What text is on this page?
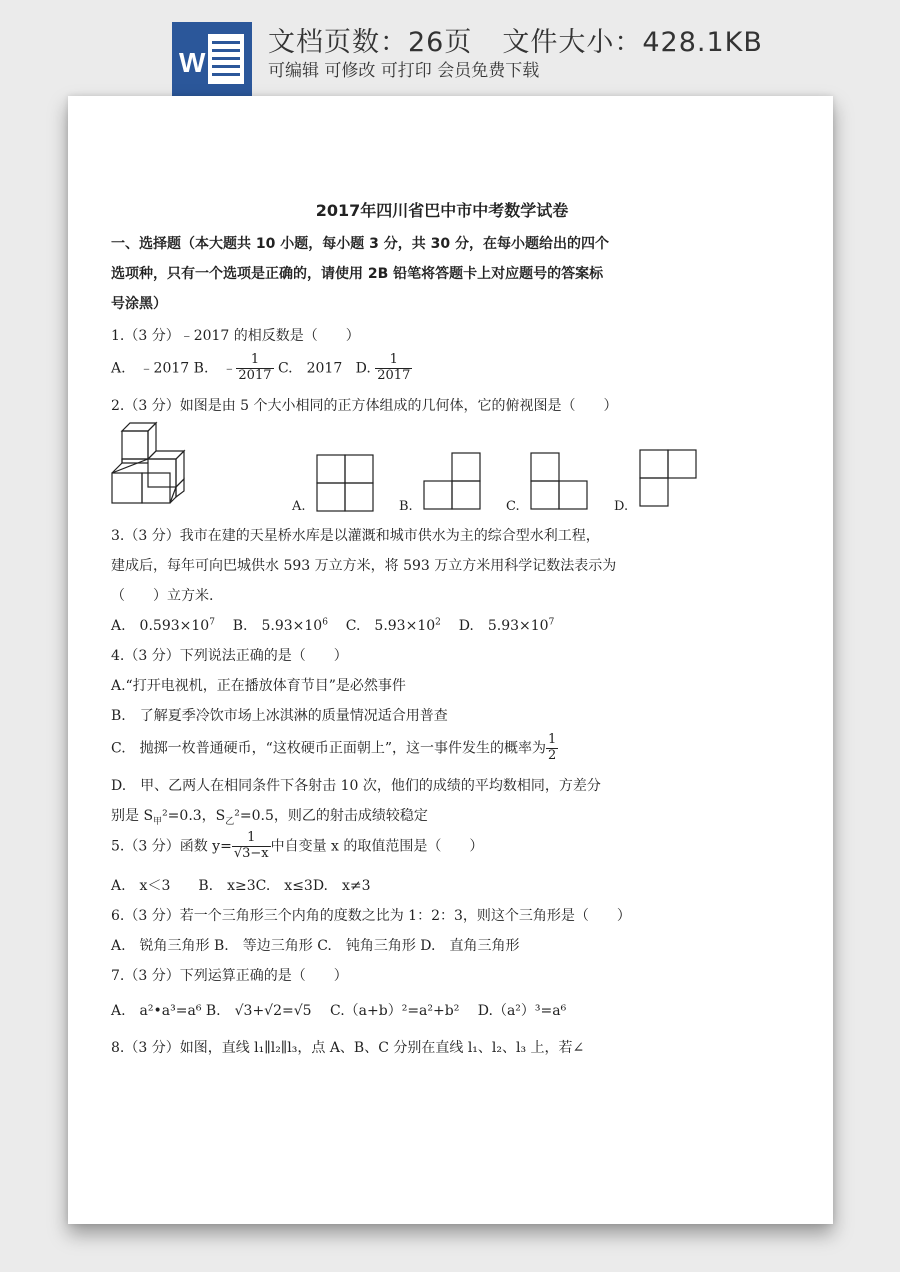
W
文档页数：26页 文件大小：428.1KB
可编辑 可修改 可打印 会员免费下载
2017年四川省巴中市中考数学试卷
一、选择题（本大题共 10 小题，每小题 3 分，共 30 分，在每小题给出的四个
选项种，只有一个选项是正确的，请使用 2B 铅笔将答题卡上对应题号的答案标
号涂黑）
1.（3 分）﹣2017 的相反数是（　　）
A.　﹣2017 B.　﹣ $\frac{1}{2017} C$.　2017 D. $\frac{1}{2017}$
2.（3 分）如图是由 5 个大小相同的正方体组成的几何体，它的俯视图是（　　）
A.	B.	C.	D.
3.（3 分）我市在建的天星桥水库是以灌溉和城市供水为主的综合型水利工程，
建成后，每年可向巴城供水 593 万立方米，将 593 万立方米用科学记数法表示为
（　　）立方米.
A.　$0.593\times 10^7$ B.　$5.93\times 10^6$ C.　$5.93\times 10^2$ D.　$5.93\times 10^7$
4.（3 分）下列说法正确的是（　　）
A.“打开电视机，正在播放体育节目”是必然事件
B.　了解夏季冷饮市场上冰淇淋的质量情况适合用普查
C.　抛掷一枚普通硬币，“这枚硬币正面朝上”，这一事件发生的概率为 $\frac{1}{2}$
D.　甲、乙两人在相同条件下各射击 10 次，他们的成绩的平均数相同，方差分
别是 $S_甲^2=0.3$，$S_乙^2=0.5$，则乙的射击成绩较稳定
5.（3 分）函数 $y= \frac{1}{√3-x}$ 中自变量 x 的取值范围是（　　）
A.　x＜3　　B.　x≥3C.　x≤3D.　x≠3
6.（3 分）若一个三角形三个内角的度数之比为 1：2：3，则这个三角形是（　　）
A.　锐角三角形 B.　等边三角形 C.　钝角三角形 D.　直角三角形
7.（3 分）下列运算正确的是（　　）
A.　a²•a³=a⁶ B.　√3+√2=√5　 C.（a+b）²=a²+b²　 D.（a²）³=a⁶
8.（3 分）如图，直线 l₁∥l₂∥l₃，点 A、B、C 分别在直线 l₁、l₂、l₃ 上，若∠
